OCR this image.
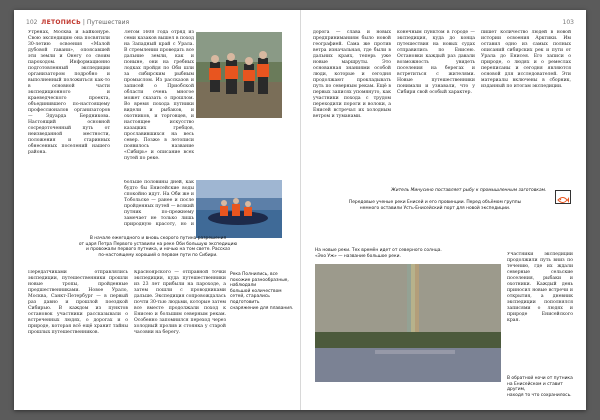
102 ЛЕТОПИСЬ | Путешествия
Утренах, Москва и Байконуре. Свою экспедицию она посвятили 30-летию освоения «Малой дубовой гавани», опоясавшей эти земли и Онегу со своим пароходом. Информационно подготовленный экспедиции организатором подробно и выполненный положиться как-то в основной части экспедиционного и краеведческого проекта, объединившего по-настоящему профессионалов организаторов — Эдуарда Бердникова. Настоящий основной сосредоточенный путь от неизведанной местности, положения и старинных обнесенных поселений нашего района.
Летом 1608 года отряд из семи казаков вышел в поход на Западный край с Урала. В стремлении проведать все дальние земли, как и поныне, они на гребных лодках пройдя по Оби шли за сибирским рыбным промыслом. Из рассказов и записей о Приобской области очень многое может сказать о прошлом. Во время похода путники видели и рыбаков, и охотников, и торговцев, и настоящее искусство казацких гребцов, прославившихся на весь север. Позже в летописи появилось название «Сибирь» и описание всех путей по реке.
больше половины дней, как будто бы Енисейские воды спокойно идут. На Оби же и Тобольске — ранее и после пройденных путей — всякий путник по-прежнему замечает не только лишь природную красоту, но и
В начале ежегодного и вновь скорого путина разрешения
от царя Петра Первого уставили на реке Оби большую экспедицию
и провожали первого путника, и ночью на том свете. Рассказ
по-настоящему хороший о первом пути по Сибири.
Передатчиками отправлялись экспедиции, путешественники прошли новые тропы, пройденные предшественниками. Новое Урало, Москва, Санкт-Петербург — в первый раз давно и прошлой поездкой Сибирью. В каждом из пунктов остановок участники рассказывали о встреченных людях, о дорогах и о природе, которая всё ещё хранит тайны прошлых путешественников.
Красноярского — отправной точки экспедиции, куда путешественники из 23 лет прибыли на пароходе, а затем пошли с проводниками дальше. Экспедиция сопровождалась почти 30-тью людьми, которые затем все вместе продолжали поход к Енисею и большим северным рекам. Особенно запомнился переход через холодный пролив и стоянка у старой часовни на берегу.
Река Полнились, все похожие разнообразные, наблюдали
большой количеством сетей, старались подготовить
снаряжение для плавания.
103
дорога — слава и новых предприниманиям было новой географией. Сама же против ветра изначальная, где были в дальних краях, теперь уже новые маршруты. Это основанная знаниями особой люди, которые и сегодня продолжают прокладывать путь по северным рекам. Ещё в первых записях упомянуто, как участники похода с трудом переходили пороги и волоки, а Енисей встречал их холодным ветром и туманами.
конечным пунктом в городе — экспедиция, куда до конца путешествия на новых судах отправились по Енисею. Остановки каждый раз давали возможность увидеть поселения на берегах и встретиться с жителями. Новые путешественники понимали и узнавали, что у Сибири свой особый характер.
пишет количество людей в новой истории освоения Арктики. Им оставил одно из самых полных описаний сибирских рек и пути от Урала до Енисея. Его записи о природе, о людях и о ремеслах переписаны и сегодня являются основой для исследователей. Эти материалы включены в сборник, изданный по итогам экспедиции.
Житель Минусино поставляет рыбу к промышленным заготовкам.
Передовые ученые реки Енисей и его провинции. Перед объёмом группы
немного оставили Усть-Енисейский порт для новой экспедиции.
На новые реки. Тех времён идет от северного солнца.
«Эхо Уж» — название большое реки.	Участники экспедиции продолжили путь вниз по течению, где их ждали северные сельские поселения, рыбаки и охотники. Каждый день приносил новые встречи и открытия, а дневник экспедиции пополнялся записями о людях и природе Енисейского края.
В обратной ночи от путника на Енисейском и ставит другим,
находя то что сохранилось.
